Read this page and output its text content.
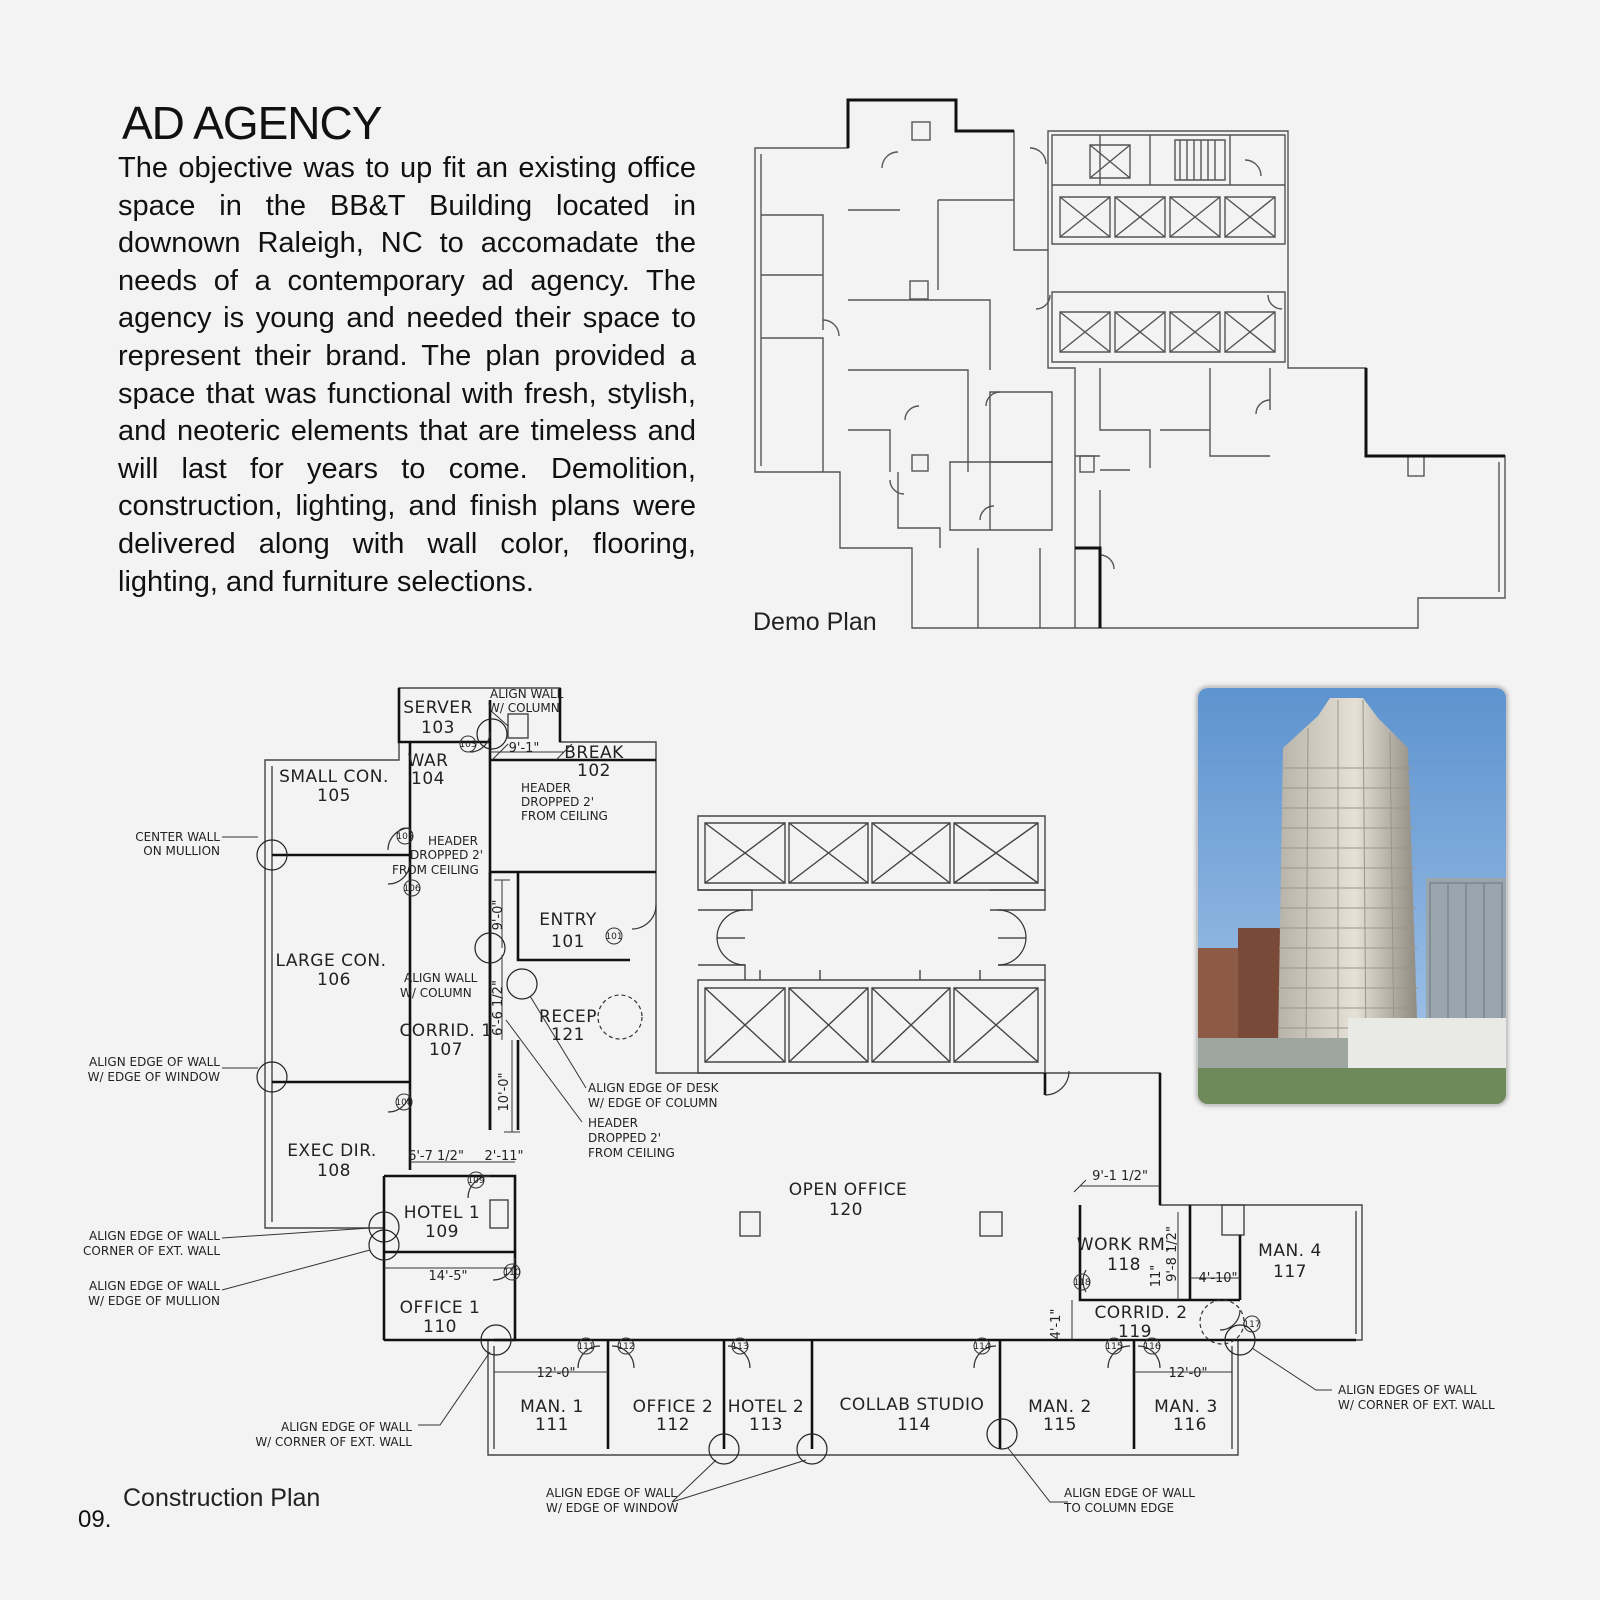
AD AGENCY

The objective was to up fit an existing office space in the BB&T Building located in downown Raleigh, NC to accomadate the needs of a contemporary ad agency. The agency is young and needed their space to represent their brand. The plan provided a space that was functional with fresh, stylish, and neoteric elements that are timeless and will last for years to come. Demolition, construction, lighting, and finish plans were delivered along with wall color, flooring, lighting, and furniture selections.

Demo Plan
Construction Plan
09.
SERVER
103
WAR
104
BREAK
102
SMALL CON.
105
ENTRY
101
LARGE CON.
106
RECEP
121
CORRID. 1
107
EXEC DIR.
108
HOTEL 1
109
OFFICE 1
110
OPEN OFFICE
120
WORK RM.
118
MAN. 4
117
CORRID. 2
119
MAN. 1
111
OFFICE 2
112
HOTEL 2
113
COLLAB STUDIO
114
MAN. 2
115
MAN. 3
116
9'-1"
9'-0"
6'-6 1/2"
10'-0"
6'-7 1/2" 2'-11"
14'-5"
12'-0"	12'-0"
9'-1 1/2"
9'-8 1/2"
11"	4'-10"
4'-1"
103
105
106
108
109
110
101
111	112	113	114	115 116
117
118
ALIGN WALL
W/ COLUMN
HEADER
DROPPED 2'
FROM CEILING
HEADER
DROPPED 2'
FROM CEILING
ALIGN WALL
W/ COLUMN
CENTER WALL
ON MULLION
ALIGN EDGE OF WALL
W/ EDGE OF WINDOW
ALIGN EDGE OF WALL
CORNER OF EXT. WALL
ALIGN EDGE OF WALL
W/ EDGE OF MULLION
ALIGN EDGE OF DESK
W/ EDGE OF COLUMN
HEADER
DROPPED 2'
FROM CEILING
ALIGN EDGE OF WALL
W/ CORNER OF EXT. WALL
ALIGN EDGE OF WALL
W/ EDGE OF WINDOW
ALIGN EDGE OF WALL
TO COLUMN EDGE
ALIGN EDGES OF WALL
W/ CORNER OF EXT. WALL
